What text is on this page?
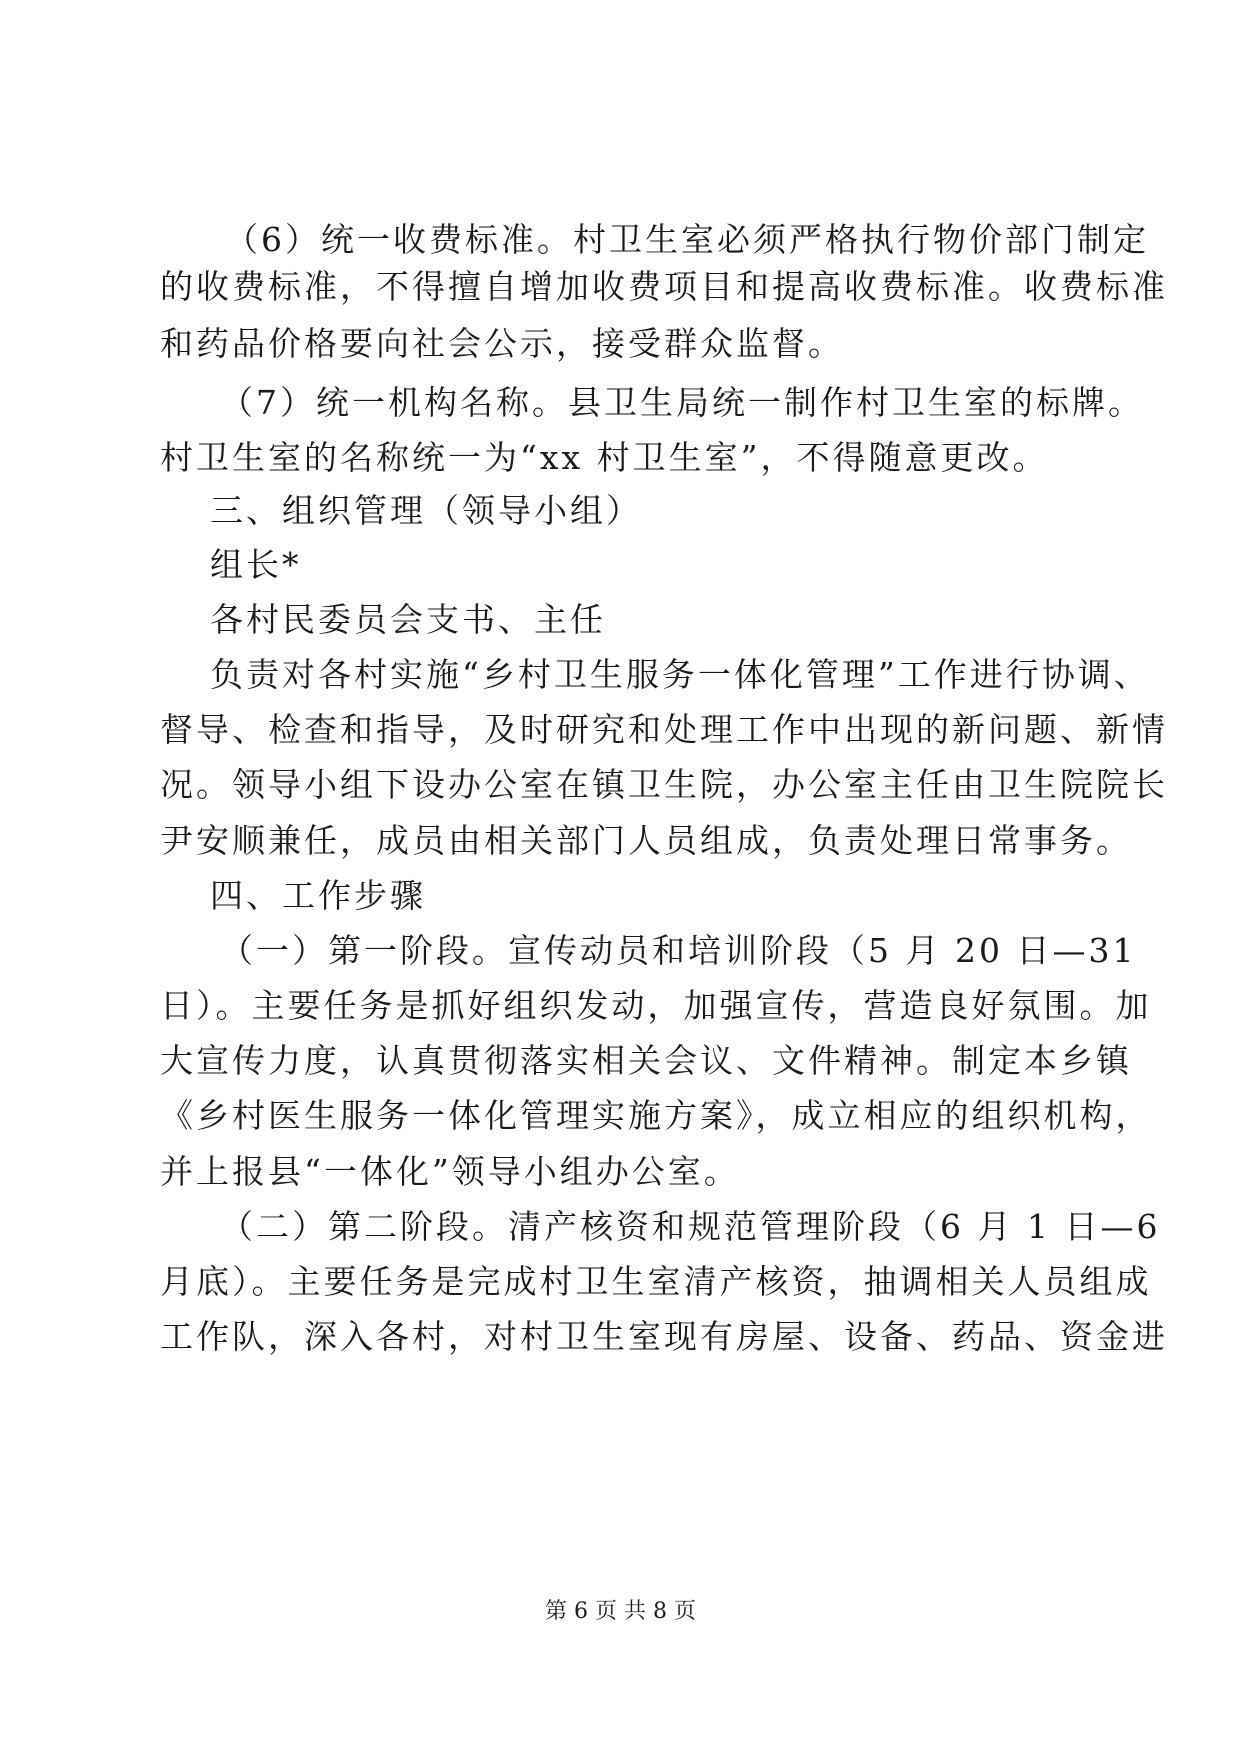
（6）统一收费标准。村卫生室必须严格执行物价部门制定
的收费标准，不得擅自增加收费项目和提高收费标准。收费标准
和药品价格要向社会公示，接受群众监督。
（7）统一机构名称。县卫生局统一制作村卫生室的标牌。
村卫生室的名称统一为“xx 村卫生室”，不得随意更改。
三、组织管理（领导小组）
组长*
各村民委员会支书、主任
负责对各村实施“乡村卫生服务一体化管理”工作进行协调、
督导、检查和指导，及时研究和处理工作中出现的新问题、新情
况。领导小组下设办公室在镇卫生院，办公室主任由卫生院院长
尹安顺兼任，成员由相关部门人员组成，负责处理日常事务。
四、工作步骤
（一）第一阶段。宣传动员和培训阶段（5 月 20 日—31
日）。主要任务是抓好组织发动，加强宣传，营造良好氛围。加
大宣传力度，认真贯彻落实相关会议、文件精神。制定本乡镇
《乡村医生服务一体化管理实施方案》，成立相应的组织机构，
并上报县“一体化”领导小组办公室。
（二）第二阶段。清产核资和规范管理阶段（6 月 1 日—6
月底）。主要任务是完成村卫生室清产核资，抽调相关人员组成
工作队，深入各村，对村卫生室现有房屋、设备、药品、资金进
第 6 页 共 8 页
